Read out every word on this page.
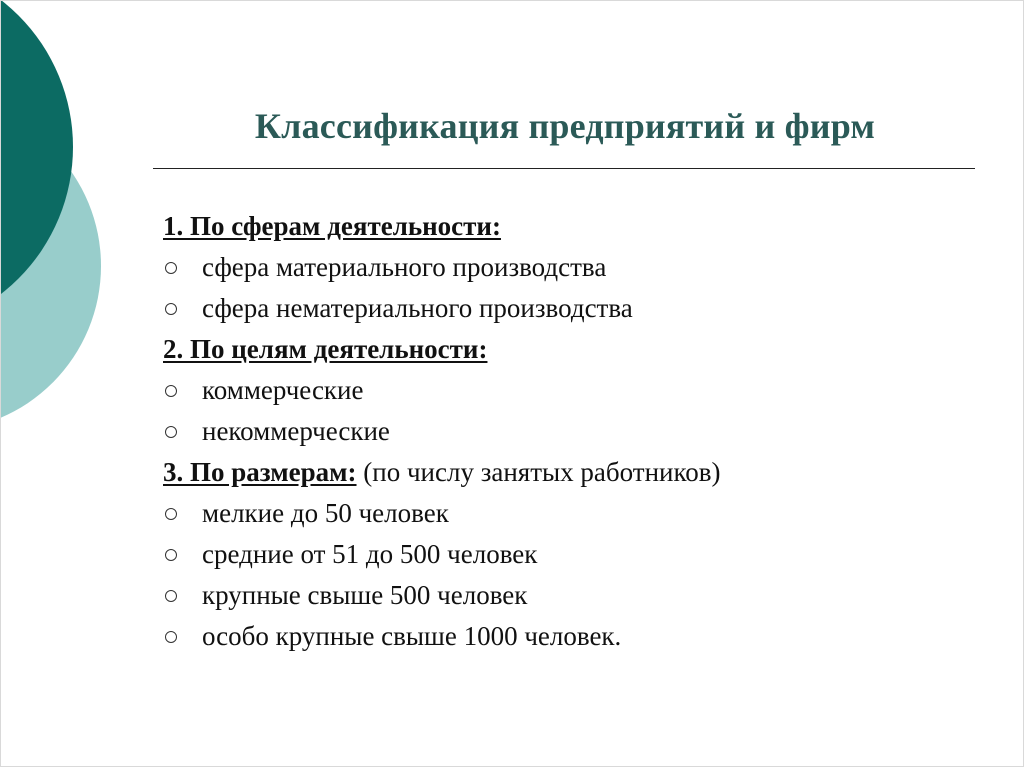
Классификация предприятий и фирм
1. По сферам деятельности:
сфера материального производства
сфера нематериального производства
2. По целям деятельности:
коммерческие
некоммерческие
3. По размерам: (по числу занятых работников)
мелкие до 50 человек
средние от 51 до 500 человек
крупные свыше 500 человек
особо крупные свыше 1000 человек.
